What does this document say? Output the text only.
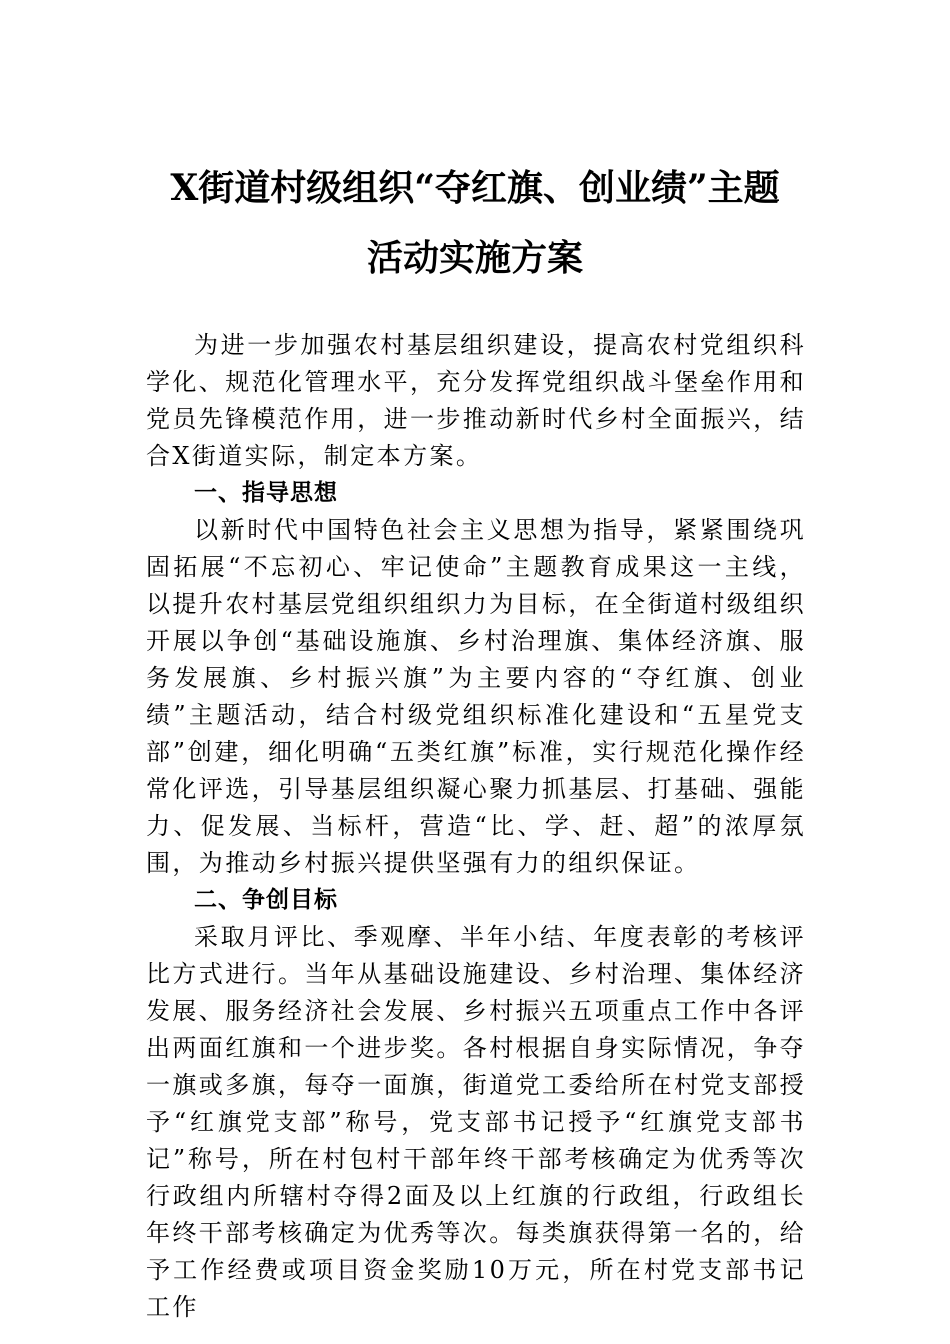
X街道村级组织“夺红旗、创业绩”主题
活动实施方案

为进一步加强农村基层组织建设，提高农村党组织科学化、规范化管理水平，充分发挥党组织战斗堡垒作用和党员先锋模范作用，进一步推动新时代乡村全面振兴，结合X街道实际，制定本方案。

一、指导思想

以新时代中国特色社会主义思想为指导，紧紧围绕巩固拓展“不忘初心、牢记使命”主题教育成果这一主线，以提升农村基层党组织组织力为目标，在全街道村级组织开展以争创“基础设施旗、乡村治理旗、集体经济旗、服务发展旗、乡村振兴旗”为主要内容的“夺红旗、创业绩”主题活动，结合村级党组织标准化建设和“五星党支部”创建，细化明确“五类红旗”标准，实行规范化操作经常化评选，引导基层组织凝心聚力抓基层、打基础、强能力、促发展、当标杆，营造“比、学、赶、超”的浓厚氛围，为推动乡村振兴提供坚强有力的组织保证。

二、争创目标

采取月评比、季观摩、半年小结、年度表彰的考核评比方式进行。当年从基础设施建设、乡村治理、集体经济发展、服务经济社会发展、乡村振兴五项重点工作中各评出两面红旗和一个进步奖。各村根据自身实际情况，争夺一旗或多旗，每夺一面旗，街道党工委给所在村党支部授予“红旗党支部”称号，党支部书记授予“红旗党支部书记”称号，所在村包村干部年终干部考核确定为优秀等次行政组内所辖村夺得2面及以上红旗的行政组，行政组长年终干部考核确定为优秀等次。每类旗获得第一名的，给予工作经费或项目资金奖励10万元，所在村党支部书记工作
